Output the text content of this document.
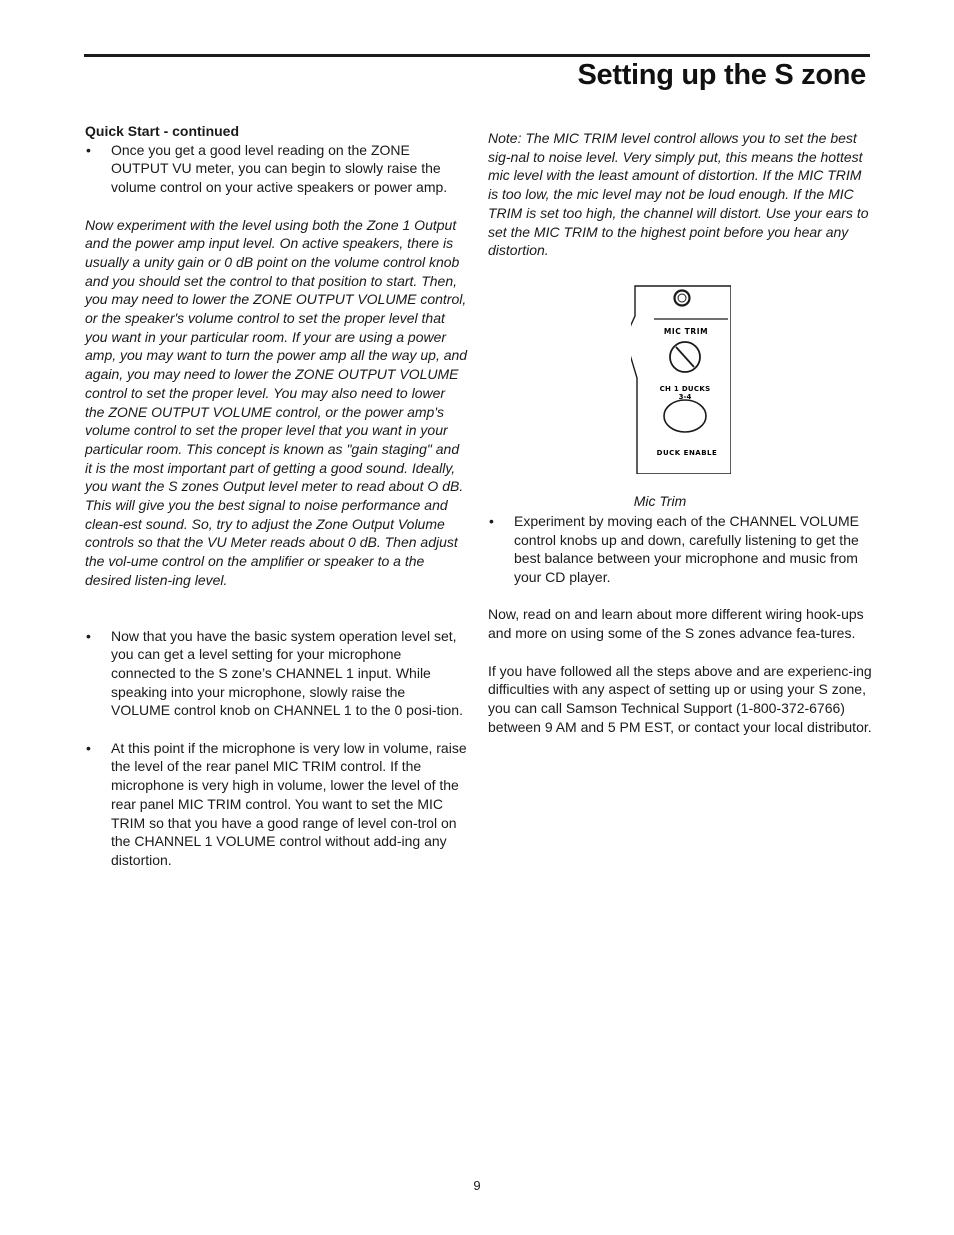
Setting up the S zone

Quick Start - continued

• Once you get a good level reading on the ZONE OUTPUT VU meter, you can begin to slowly raise the volume control on your active speakers or power amp.

Now experiment with the level using both the Zone 1 Output and the power amp input level. On active speakers, there is usually a unity gain or 0 dB point on the volume control knob and you should set the control to that position to start. Then, you may need to lower the ZONE OUTPUT VOLUME control, or the speaker's volume control to set the proper level that you want in your particular room. If your are using a power amp, you may want to turn the power amp all the way up, and again, you may need to lower the ZONE OUTPUT VOLUME control to set the proper level. You may also need to lower the ZONE OUTPUT VOLUME control, or the power amp's volume control to set the proper level that you want in your particular room. This concept is known as "gain staging" and it is the most important part of getting a good sound. Ideally, you want the S zones Output level meter to read about O dB. This will give you the best signal to noise performance and clean-est sound. So, try to adjust the Zone Output Volume controls so that the VU Meter reads about 0 dB. Then adjust the vol-ume control on the amplifier or speaker to a the desired listen-ing level.

• Now that you have the basic system operation level set, you can get a level setting for your microphone connected to the S zone’s CHANNEL 1 input. While speaking into your microphone, slowly raise the VOLUME control knob on CHANNEL 1 to the 0 posi-tion.

• At this point if the microphone is very low in volume, raise the level of the rear panel MIC TRIM control. If the microphone is very high in volume, lower the level of the rear panel MIC TRIM control. You want to set the MIC TRIM so that you have a good range of level con-trol on the CHANNEL 1 VOLUME control without add-ing any distortion.

Note: The MIC TRIM level control allows you to set the best sig-nal to noise level. Very simply put, this means the hottest mic level with the least amount of distortion. If the MIC TRIM is too low, the mic level may not be loud enough. If the MIC TRIM is set too high, the channel will distort. Use your ears to set the MIC TRIM to the highest point before you hear any distortion.

MIC TRIM
CH 1 DUCKS
3-4
DUCK ENABLE
Mic Trim
• Experiment by moving each of the CHANNEL VOLUME control knobs up and down, carefully listening to get the best balance between your microphone and music from your CD player.

Now, read on and learn about more different wiring hook-ups and more on using some of the S zones advance fea-tures.

If you have followed all the steps above and are experienc-ing difficulties with any aspect of setting up or using your S zone, you can call Samson Technical Support (1-800-372-6766) between 9 AM and 5 PM EST, or contact your local distributor.

9
